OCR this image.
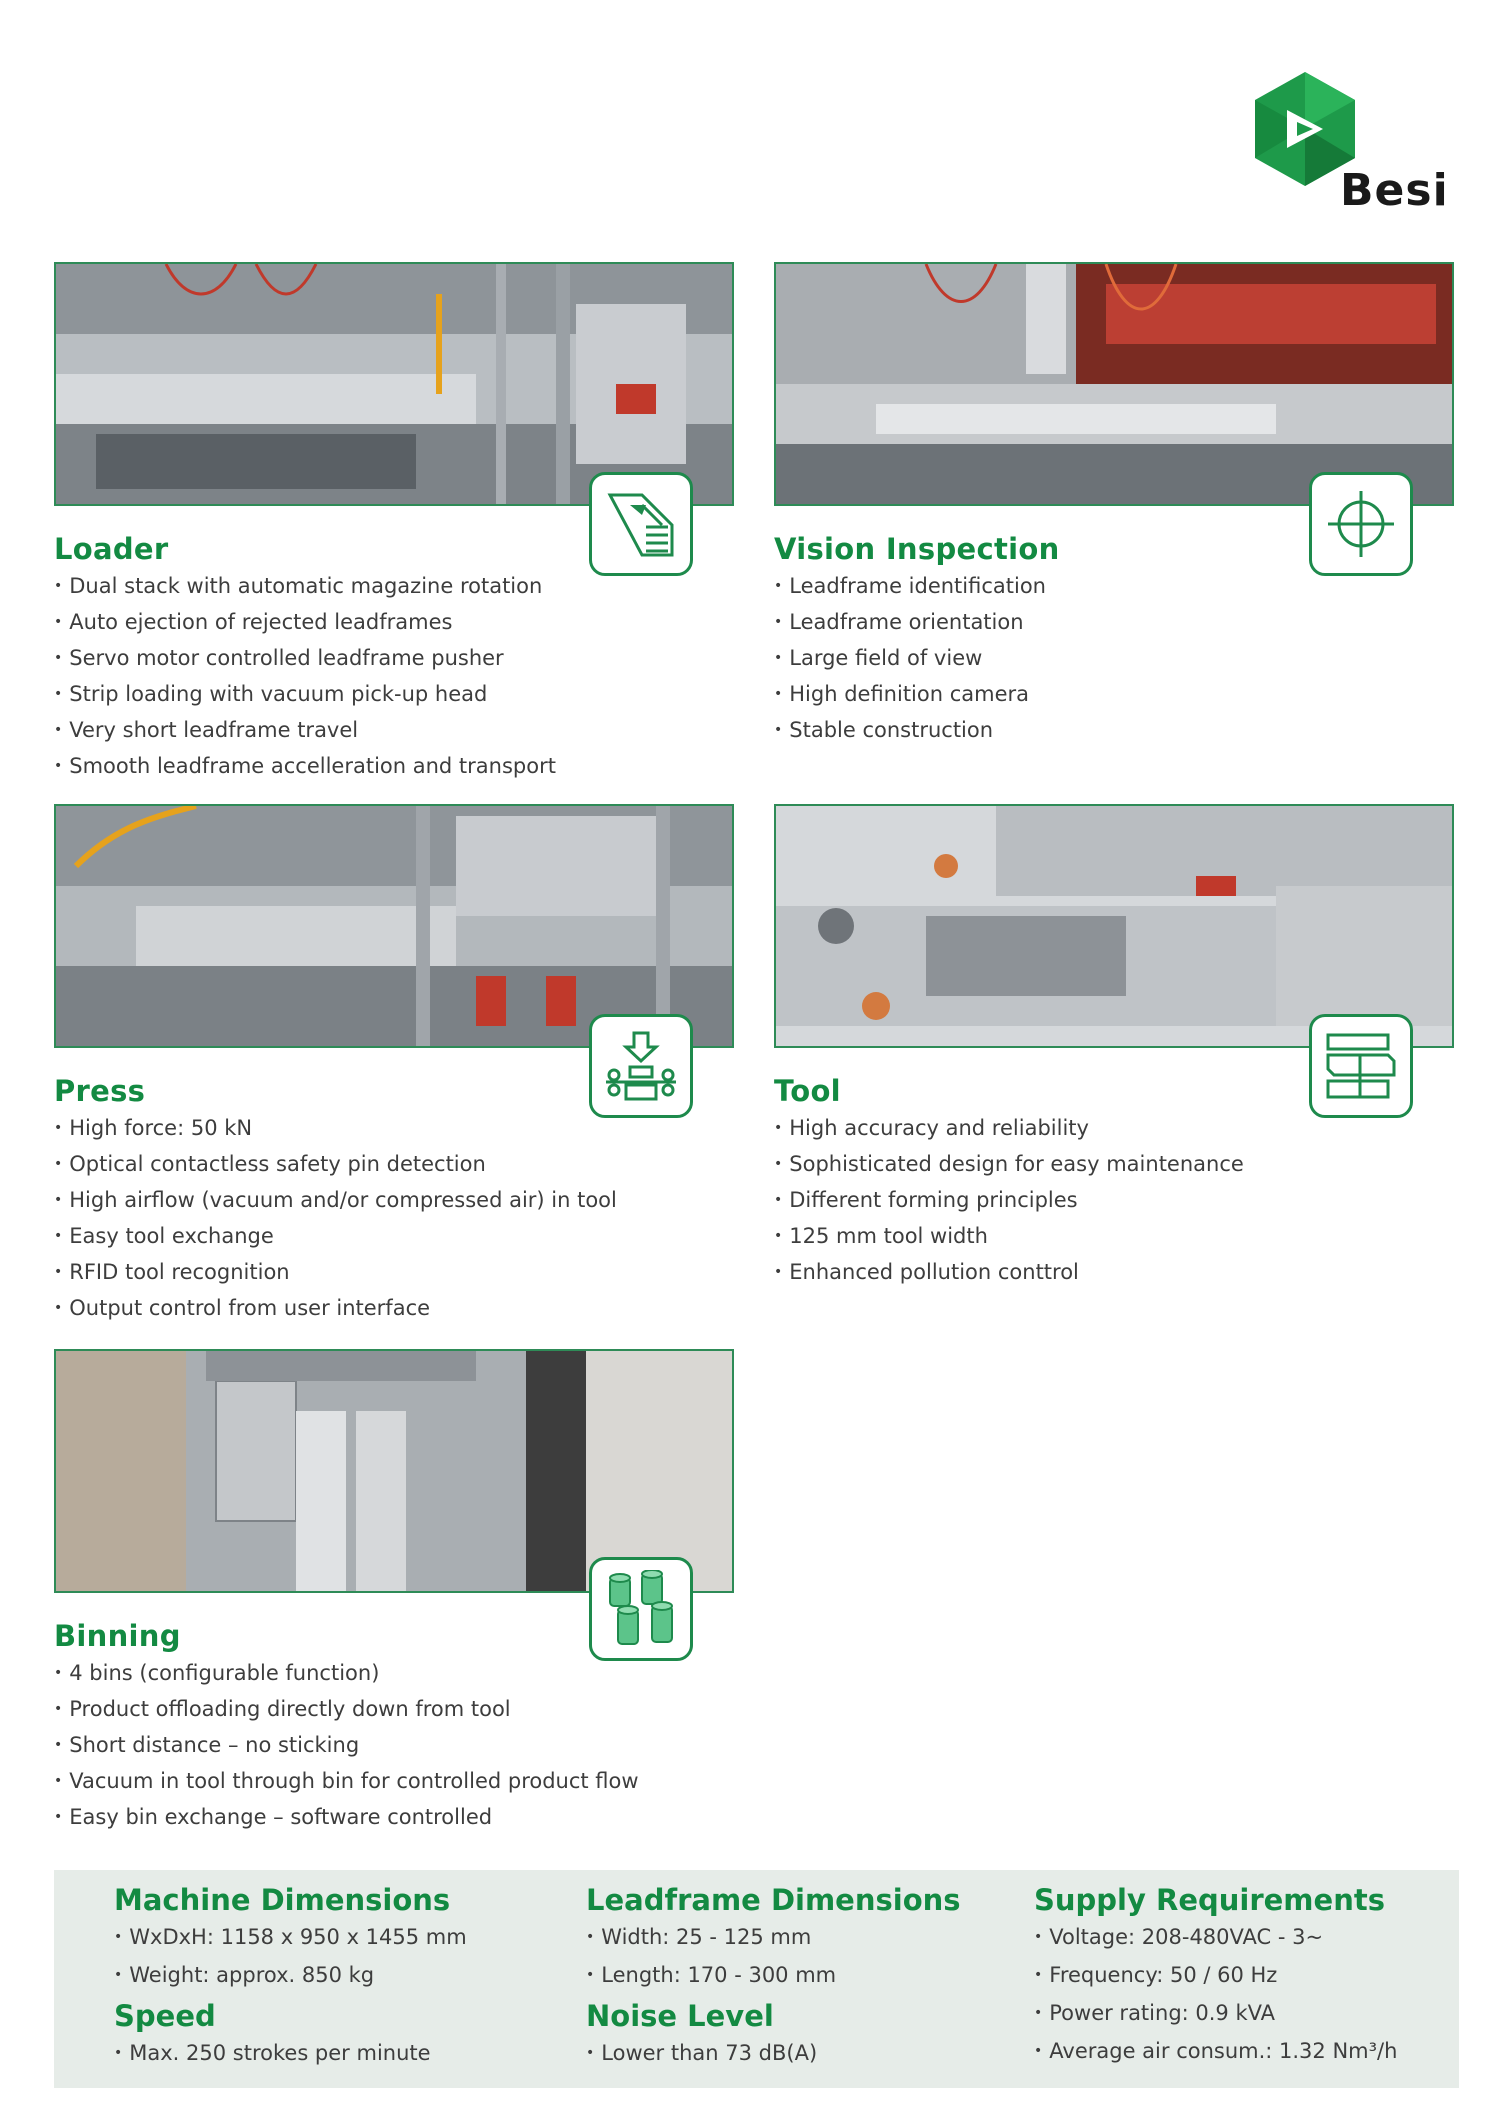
Besi
Loader
• Dual stack with automatic magazine rotation
• Auto ejection of rejected leadframes
• Servo motor controlled leadframe pusher
• Strip loading with vacuum pick-up head
• Very short leadframe travel
• Smooth leadframe accelleration and transport
Vision Inspection
• Leadframe identification
• Leadframe orientation
• Large field of view
• High definition camera
• Stable construction
Press
• High force: 50 kN
• Optical contactless safety pin detection
• High airflow (vacuum and/or compressed air) in tool
• Easy tool exchange
• RFID tool recognition
• Output control from user interface
Tool
• High accuracy and reliability
• Sophisticated design for easy maintenance
• Different forming principles
• 125 mm tool width
• Enhanced pollution conttrol
Binning
• 4 bins (configurable function)
• Product offloading directly down from tool
• Short distance – no sticking
• Vacuum in tool through bin for controlled product flow
• Easy bin exchange – software controlled
Machine Dimensions
• WxDxH: 1158 x 950 x 1455 mm
• Weight: approx. 850 kg
Speed
• Max. 250 strokes per minute
Leadframe Dimensions
• Width: 25 - 125 mm
• Length: 170 - 300 mm
Noise Level
• Lower than 73 dB(A)
Supply Requirements
• Voltage: 208-480VAC - 3~
• Frequency: 50 / 60 Hz
• Power rating: 0.9 kVA
• Average air consum.: 1.32 Nm³/h
